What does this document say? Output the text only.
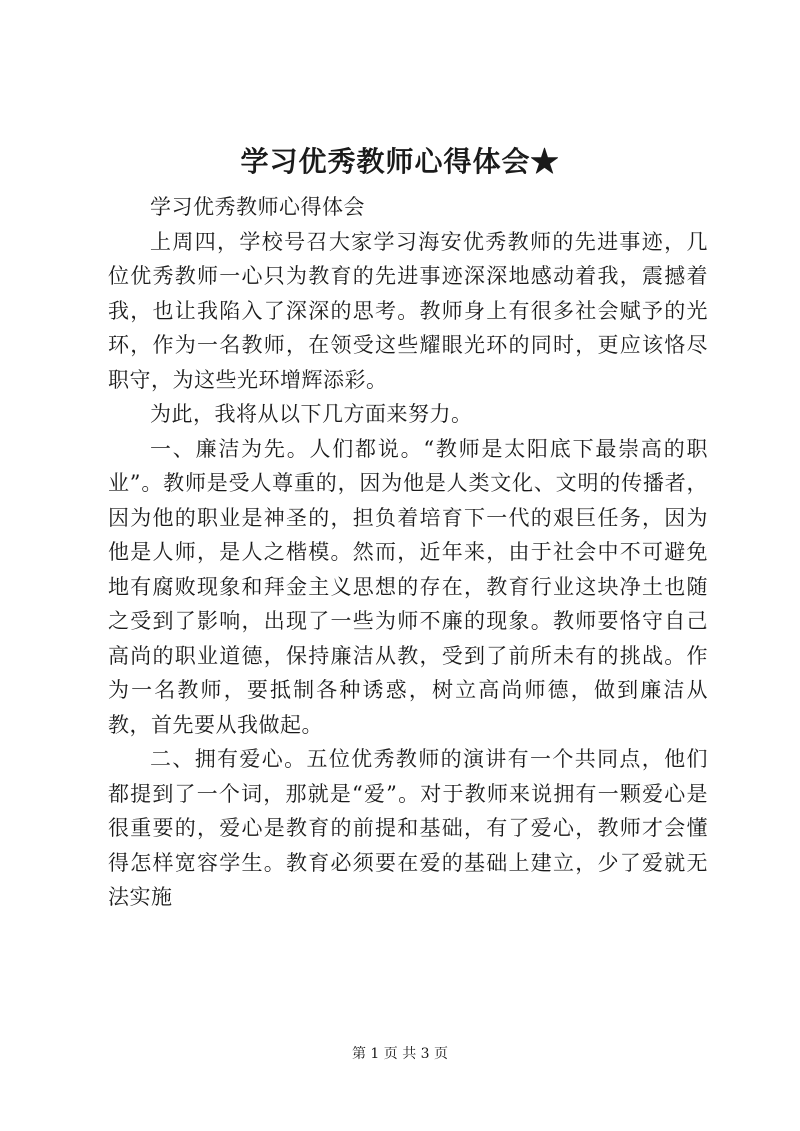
学习优秀教师心得体会★

学习优秀教师心得体会

上周四，学校号召大家学习海安优秀教师的先进事迹，几位优秀教师一心只为教育的先进事迹深深地感动着我，震撼着我，也让我陷入了深深的思考。教师身上有很多社会赋予的光环，作为一名教师，在领受这些耀眼光环的同时，更应该恪尽职守，为这些光环增辉添彩。

为此，我将从以下几方面来努力。

一、廉洁为先。人们都说。“教师是太阳底下最崇高的职业”。教师是受人尊重的，因为他是人类文化、文明的传播者，因为他的职业是神圣的，担负着培育下一代的艰巨任务，因为他是人师，是人之楷模。然而，近年来，由于社会中不可避免地有腐败现象和拜金主义思想的存在，教育行业这块净土也随之受到了影响，出现了一些为师不廉的现象。教师要恪守自己高尚的职业道德，保持廉洁从教，受到了前所未有的挑战。作为一名教师，要抵制各种诱惑，树立高尚师德，做到廉洁从教，首先要从我做起。

二、拥有爱心。五位优秀教师的演讲有一个共同点，他们都提到了一个词，那就是“爱”。对于教师来说拥有一颗爱心是很重要的，爱心是教育的前提和基础，有了爱心，教师才会懂得怎样宽容学生。教育必须要在爱的基础上建立，少了爱就无法实施

第 1 页 共 3 页
